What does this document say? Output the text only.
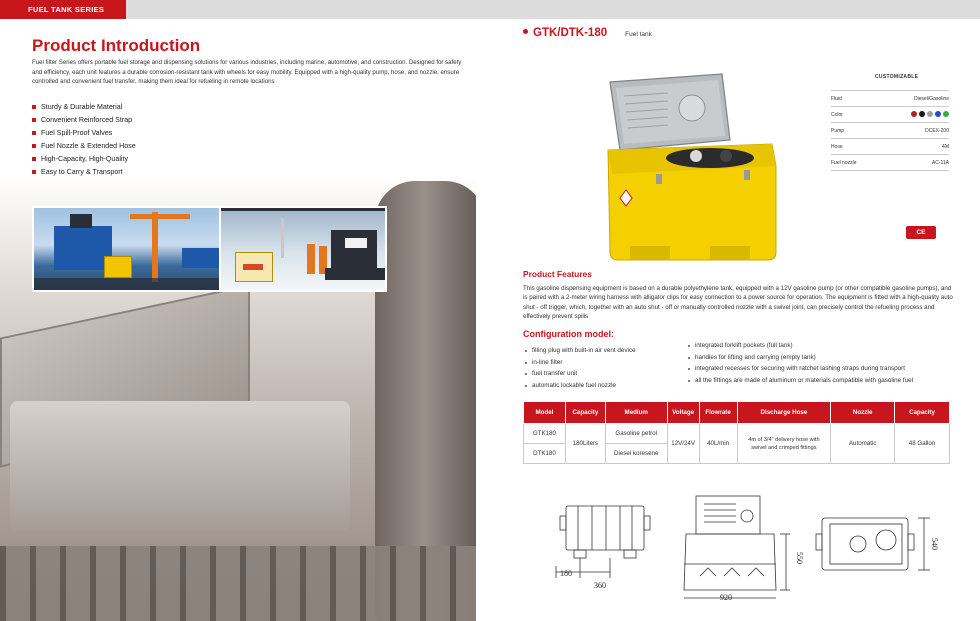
FUEL TANK SERIES
Product Introduction

Fuel filter Series offers portable fuel storage and dispensing solutions for various industries, including marine, automotive, and construction. Designed for safety and efficiency, each unit features a durable corrosion-resistant tank with wheels for easy mobility. Equipped with a high-quality pump, hose, and nozzle, ensure controlled and convenient fuel transfer, making them ideal for refueling in remote locations

Sturdy & Durable Material
Convenient Reinforced Strap
Fuel Spill-Proof Valves
Fuel Nozzle & Extended Hose
High-Capacity, High-Quality
Easy to Carry & Transport
GTK/DTK-180	Fuel tank
CUSTOMIZABLE
Fluid	Diesel/Gasoline
Color	
Pump	DCEX-200
Hose	4M
Fuel nozzle	AC-11A
CE
Product Features

This gasoline dispensing equipment is based on a durable polyethylene tank, equipped with a 12V gasoline pump (or other compatible gasoline pumps), and is paired with a 2-meter wiring harness with alligator clips for easy connection to a power source for operation. The equipment is fitted with a high-quality auto shut - off trigger, which, together with an auto shut - off or manually controlled nozzle with a swivel joint, can precisely control the refueling process and effectively prevent spills

Configuration model:
filling plug with built-in air vent device
in-line filter
fuel transfer unit
automatic lockable fuel nozzle
integrated forklift pockets (full tank)
handles for lifting and carrying (empty tank)
integrated recesses for securing with ratchet lashing straps during transport
all the fittings are made of aluminum or materials compatible with gasoline fuel
Model	Capacity	Medium	Voltage	Flowrate	Discharge Hose	Nozzle	Capacity
GTK180	180Liters	Gasoline petrol	12V/24V	40L/min	4m of 3/4" delivery hose with swivel and crimped fittings	Automatic	48 Gallon
DTK180		Diesel koresene					
180
360
550
920
540
